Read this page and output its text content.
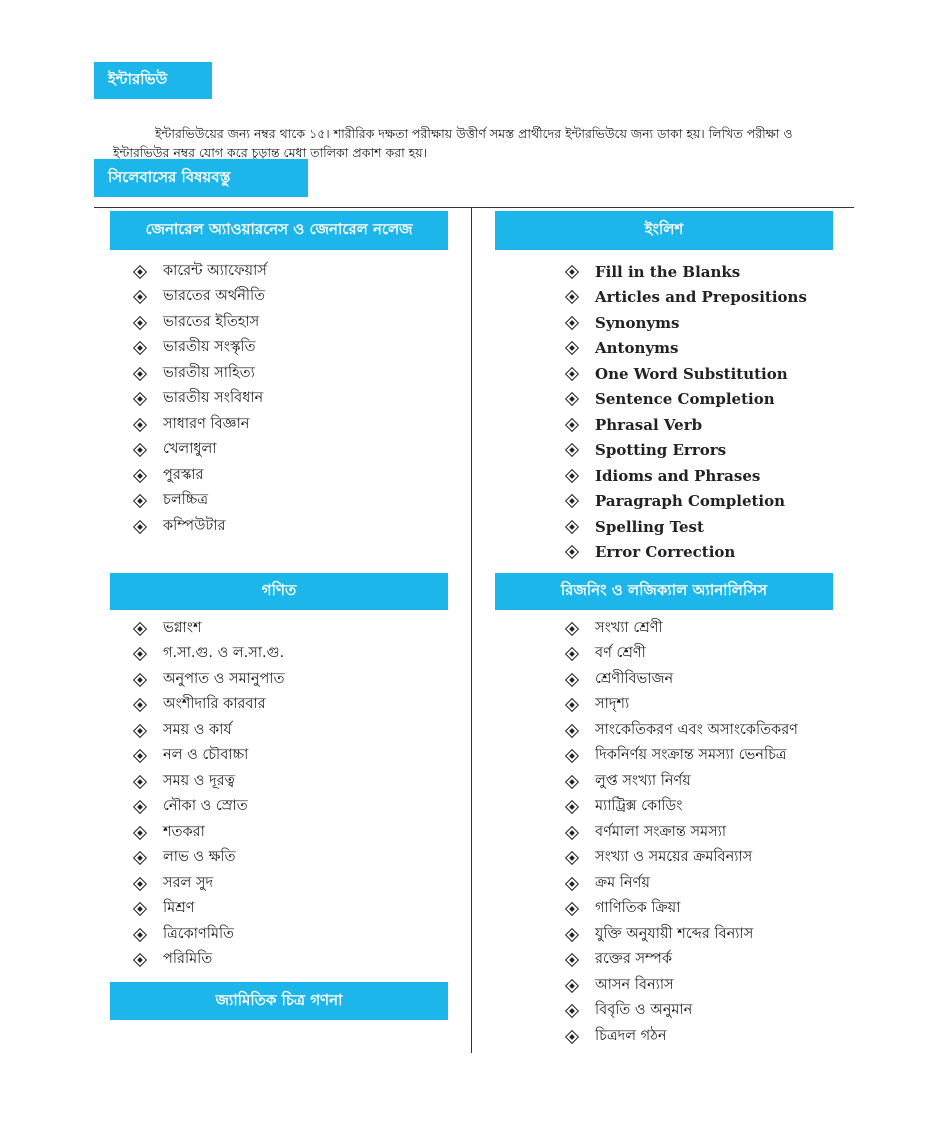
ইন্টারভিউ

ইন্টারভিউয়ের জন্য নম্বর থাকে ১৫। শারীরিক দক্ষতা পরীক্ষায় উত্তীর্ণ সমস্ত প্রার্থীদের ইন্টারভিউয়ে জন্য ডাকা হয়। লিখিত পরীক্ষা ও ইন্টারভিউর নম্বর যোগ করে চূড়ান্ত মেধা তালিকা প্রকাশ করা হয়।

সিলেবাসের বিষয়বস্তু
জেনারেল অ্যাওয়ারনেস ও জেনারেল নলেজ
কারেন্ট অ্যাফেয়ার্স
ভারতের অর্থনীতি
ভারতের ইতিহাস
ভারতীয় সংস্কৃতি
ভারতীয় সাহিত্য
ভারতীয় সংবিধান
সাধারণ বিজ্ঞান
খেলাধুলা
পুরস্কার
চলচ্চিত্র
কম্পিউটার
ইংলিশ
Fill in the Blanks
Articles and Prepositions
Synonyms
Antonyms
One Word Substitution
Sentence Completion
Phrasal Verb
Spotting Errors
Idioms and Phrases
Paragraph Completion
Spelling Test
Error Correction
গণিত
ভগ্নাংশ
গ.সা.গু. ও ল.সা.গু.
অনুপাত ও সমানুপাত
অংশীদারি কারবার
সময় ও কার্য
নল ও চৌবাচ্চা
সময় ও দূরত্ব
নৌকা ও স্রোত
শতকরা
লাভ ও ক্ষতি
সরল সুদ
মিশ্রণ
ত্রিকোণমিতি
পরিমিতি
রিজনিং ও লজিক্যাল অ্যানালিসিস
সংখ্যা শ্রেণী
বর্ণ শ্রেণী
শ্রেণীবিভাজন
সাদৃশ্য
সাংকেতিকরণ এবং অসাংকেতিকরণ
দিকনির্ণয় সংক্রান্ত সমস্যা ভেনচিত্র
লুপ্ত সংখ্যা নির্ণয়
ম্যাট্রিক্স কোডিং
বর্ণমালা সংক্রান্ত সমস্যা
সংখ্যা ও সময়ের ক্রমবিন্যাস
ক্রম নির্ণয়
গাণিতিক ক্রিয়া
যুক্তি অনুযায়ী শব্দের বিন্যাস
রক্তের সম্পর্ক
আসন বিন্যাস
বিবৃতি ও অনুমান
চিত্রদল গঠন
জ্যামিতিক চিত্র গণনা
